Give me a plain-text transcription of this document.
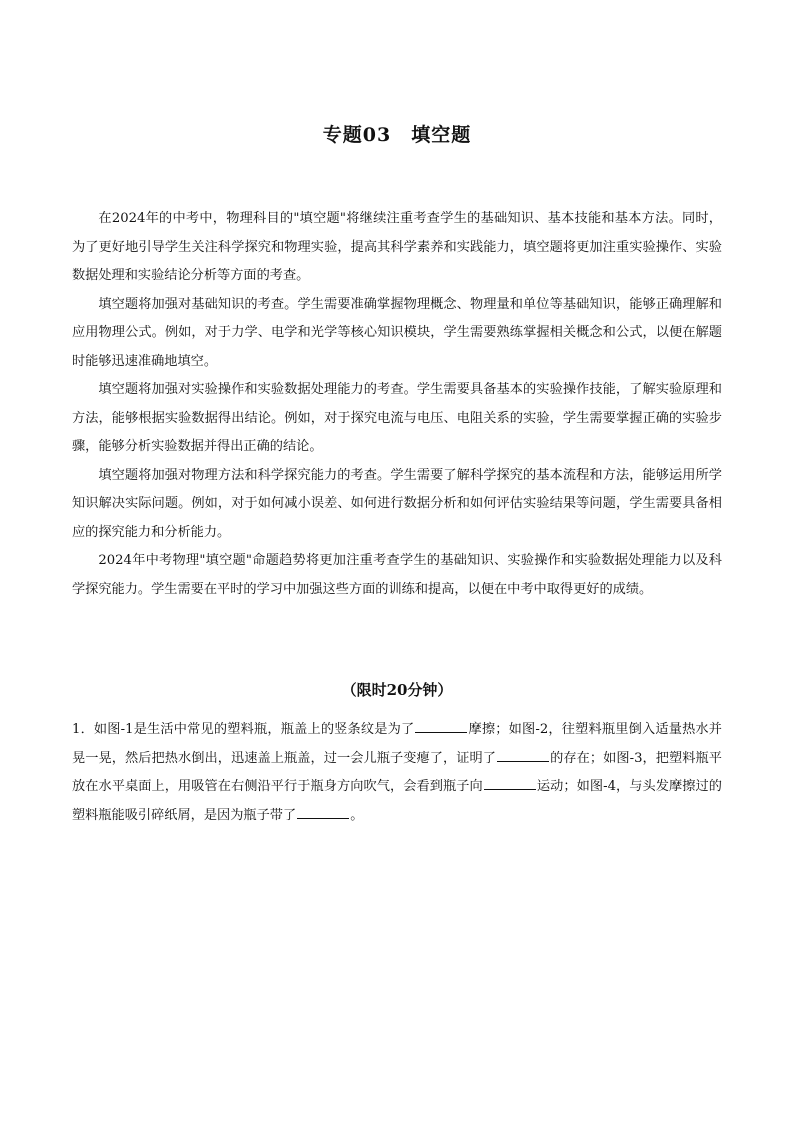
专题03　填空题

在2024年的中考中，物理科目的"填空题"将继续注重考查学生的基础知识、基本技能和基本方法。同时，为了更好地引导学生关注科学探究和物理实验，提高其科学素养和实践能力，填空题将更加注重实验操作、实验数据处理和实验结论分析等方面的考查。

填空题将加强对基础知识的考查。学生需要准确掌握物理概念、物理量和单位等基础知识，能够正确理解和应用物理公式。例如，对于力学、电学和光学等核心知识模块，学生需要熟练掌握相关概念和公式，以便在解题时能够迅速准确地填空。

填空题将加强对实验操作和实验数据处理能力的考查。学生需要具备基本的实验操作技能，了解实验原理和方法，能够根据实验数据得出结论。例如，对于探究电流与电压、电阻关系的实验，学生需要掌握正确的实验步骤，能够分析实验数据并得出正确的结论。

填空题将加强对物理方法和科学探究能力的考查。学生需要了解科学探究的基本流程和方法，能够运用所学知识解决实际问题。例如，对于如何减小误差、如何进行数据分析和如何评估实验结果等问题，学生需要具备相应的探究能力和分析能力。

2024年中考物理"填空题"命题趋势将更加注重考查学生的基础知识、实验操作和实验数据处理能力以及科学探究能力。学生需要在平时的学习中加强这些方面的训练和提高，以便在中考中取得更好的成绩。

（限时20分钟）

1．如图-1是生活中常见的塑料瓶，瓶盖上的竖条纹是为了	摩擦；如图-2，往塑料瓶里倒入适量热水并晃一晃，然后把热水倒出，迅速盖上瓶盖，过一会儿瓶子变瘪了，证明了	的存在；如图-3，把塑料瓶平放在水平桌面上，用吸管在右侧沿平行于瓶身方向吹气，会看到瓶子向	运动；如图-4，与头发摩擦过的塑料瓶能吸引碎纸屑，是因为瓶子带了	。
